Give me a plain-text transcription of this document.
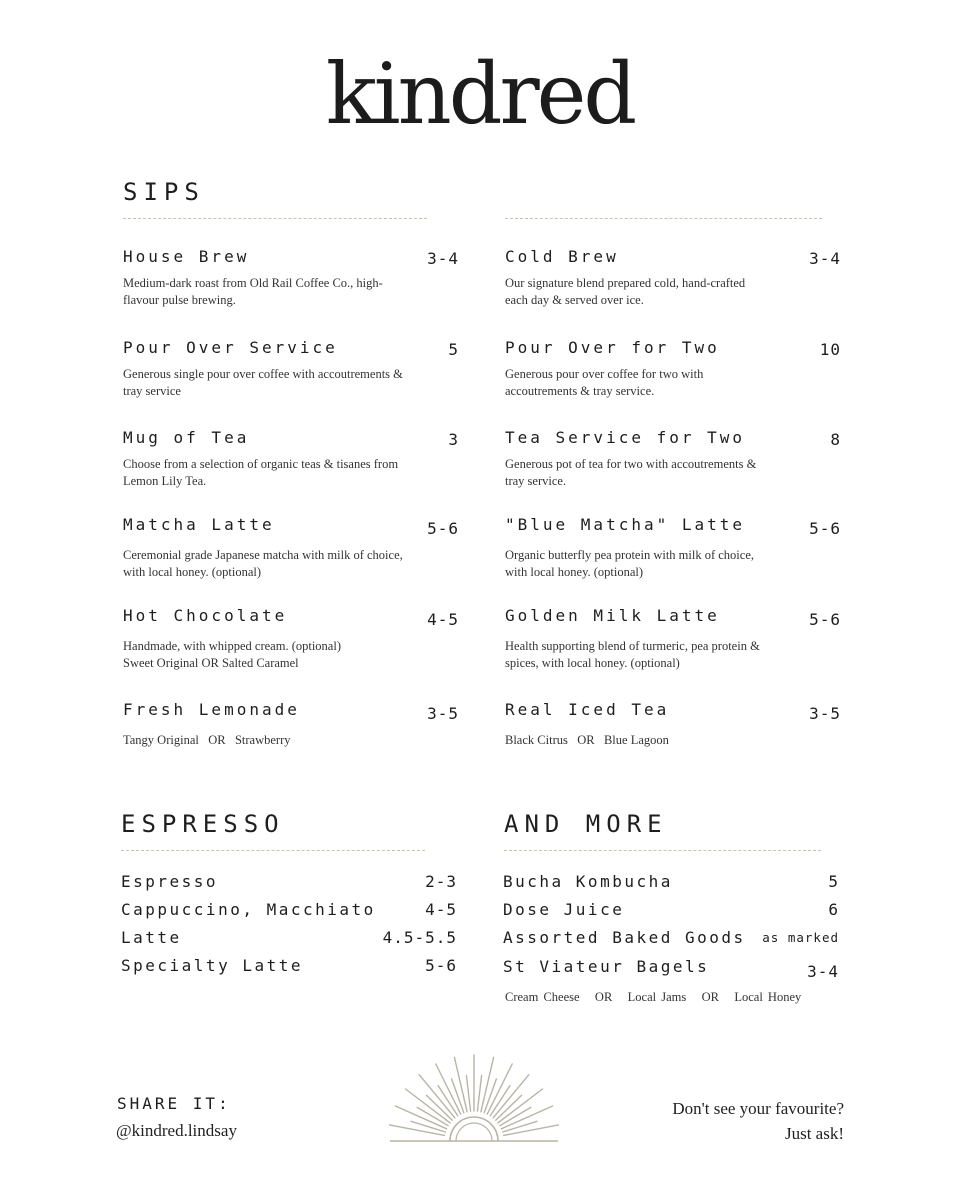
kindred
SIPS
House Brew	3-4
Medium-dark roast from Old Rail Coffee Co., high-flavour pulse brewing.
Pour Over Service	5
Generous single pour over coffee with accoutrements & tray service
Mug of Tea	3
Choose from a selection of organic teas & tisanes from Lemon Lily Tea.
Matcha Latte	5-6
Ceremonial grade Japanese matcha with milk of choice, with local honey. (optional)
Hot Chocolate	4-5
Handmade, with whipped cream. (optional)
Sweet Original OR Salted Caramel
Fresh Lemonade	3-5
Tangy Original   OR   Strawberry
Cold Brew	3-4
Our signature blend prepared cold, hand-crafted each day & served over ice.
Pour Over for Two	10
Generous pour over coffee for two with accoutrements & tray service.
Tea Service for Two	8
Generous pot of tea for two with accoutrements & tray service.
"Blue Matcha" Latte	5-6
Organic butterfly pea protein with milk of choice, with local honey. (optional)
Golden Milk Latte	5-6
Health supporting blend of turmeric, pea protein & spices, with local honey. (optional)
Real Iced Tea	3-5
Black Citrus   OR   Blue Lagoon
ESPRESSO
Espresso	2-3
Cappuccino, Macchiato	4-5
Latte	4.5-5.5
Specialty Latte	5-6
AND MORE
Bucha Kombucha	5
Dose Juice	6
Assorted Baked Goods as marked
St Viateur Bagels	3-4
Cream Cheese   OR   Local Jams   OR   Local Honey
SHARE IT:
@kindred.lindsay
Don't see your favourite?
Just ask!
